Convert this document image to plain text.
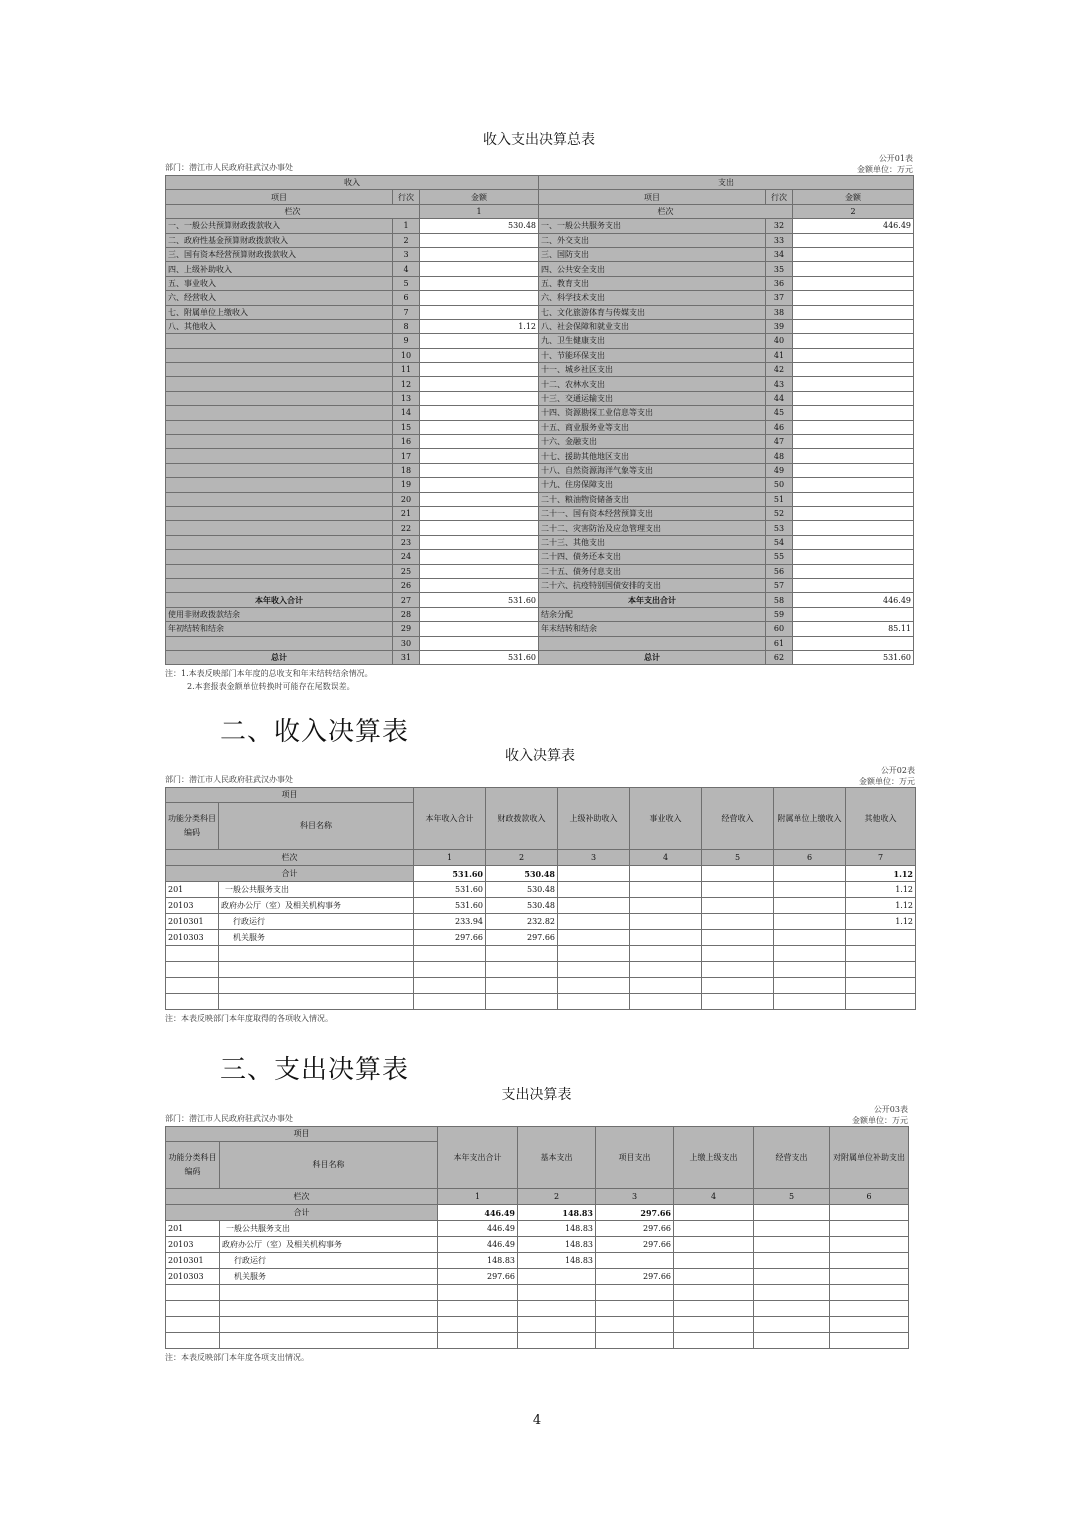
收入支出决算总表
部门：潜江市人民政府驻武汉办事处
公开01表
金额单位：万元
收入			支出		
项目	行次	金额	项目	行次	金额
栏次		1	栏次		2
一、一般公共预算财政拨款收入	1	530.48	一、一般公共服务支出	32	446.49
二、政府性基金预算财政拨款收入	2		二、外交支出	33	
三、国有资本经营预算财政拨款收入	3		三、国防支出	34	
四、上级补助收入	4		四、公共安全支出	35	
五、事业收入	5		五、教育支出	36	
六、经营收入	6		六、科学技术支出	37	
七、附属单位上缴收入	7		七、文化旅游体育与传媒支出	38	
八、其他收入	8	1.12	八、社会保障和就业支出	39	
	9		九、卫生健康支出	40	
	10		十、节能环保支出	41	
	11		十一、城乡社区支出	42	
	12		十二、农林水支出	43	
	13		十三、交通运输支出	44	
	14		十四、资源勘探工业信息等支出	45	
	15		十五、商业服务业等支出	46	
	16		十六、金融支出	47	
	17		十七、援助其他地区支出	48	
	18		十八、自然资源海洋气象等支出	49	
	19		十九、住房保障支出	50	
	20		二十、粮油物资储备支出	51	
	21		二十一、国有资本经营预算支出	52	
	22		二十二、灾害防治及应急管理支出	53	
	23		二十三、其他支出	54	
	24		二十四、债务还本支出	55	
	25		二十五、债务付息支出	56	
	26		二十六、抗疫特别国债安排的支出	57	
本年收入合计	27	531.60	本年支出合计	58	446.49
使用非财政拨款结余	28		结余分配	59	
年初结转和结余	29		年末结转和结余	60	85.11
	30			61	
总计	31	531.60	总计	62	531.60
注：1.本表反映部门本年度的总收支和年末结转结余情况。
2.本套报表金额单位转换时可能存在尾数误差。
二、收入决算表
收入决算表
部门：潜江市人民政府驻武汉办事处
公开02表
金额单位：万元
项目		本年收入合计	财政拨款收入	上级补助收入	事业收入	经营收入	附属单位上缴收入	其他收入
功能分类科目编码	科目名称							
栏次		1	2	3	4	5	6	7
合计		531.60	530.48					1.12
201	一般公共服务支出	531.60	530.48					1.12
20103	政府办公厅（室）及相关机构事务	531.60	530.48					1.12
2010301	行政运行	233.94	232.82					1.12
2010303	机关服务	297.66	297.66					

注：本表反映部门本年度取得的各项收入情况。
三、支出决算表
支出决算表
部门：潜江市人民政府驻武汉办事处
公开03表
金额单位：万元
项目		本年支出合计	基本支出	项目支出	上缴上级支出	经营支出	对附属单位补助支出
功能分类科目编码	科目名称						
栏次		1	2	3	4	5	6
合计		446.49	148.83	297.66			
201	一般公共服务支出	446.49	148.83	297.66			
20103	政府办公厅（室）及相关机构事务	446.49	148.83	297.66			
2010301	行政运行	148.83	148.83				
2010303	机关服务	297.66		297.66			

注：本表反映部门本年度各项支出情况。
4
